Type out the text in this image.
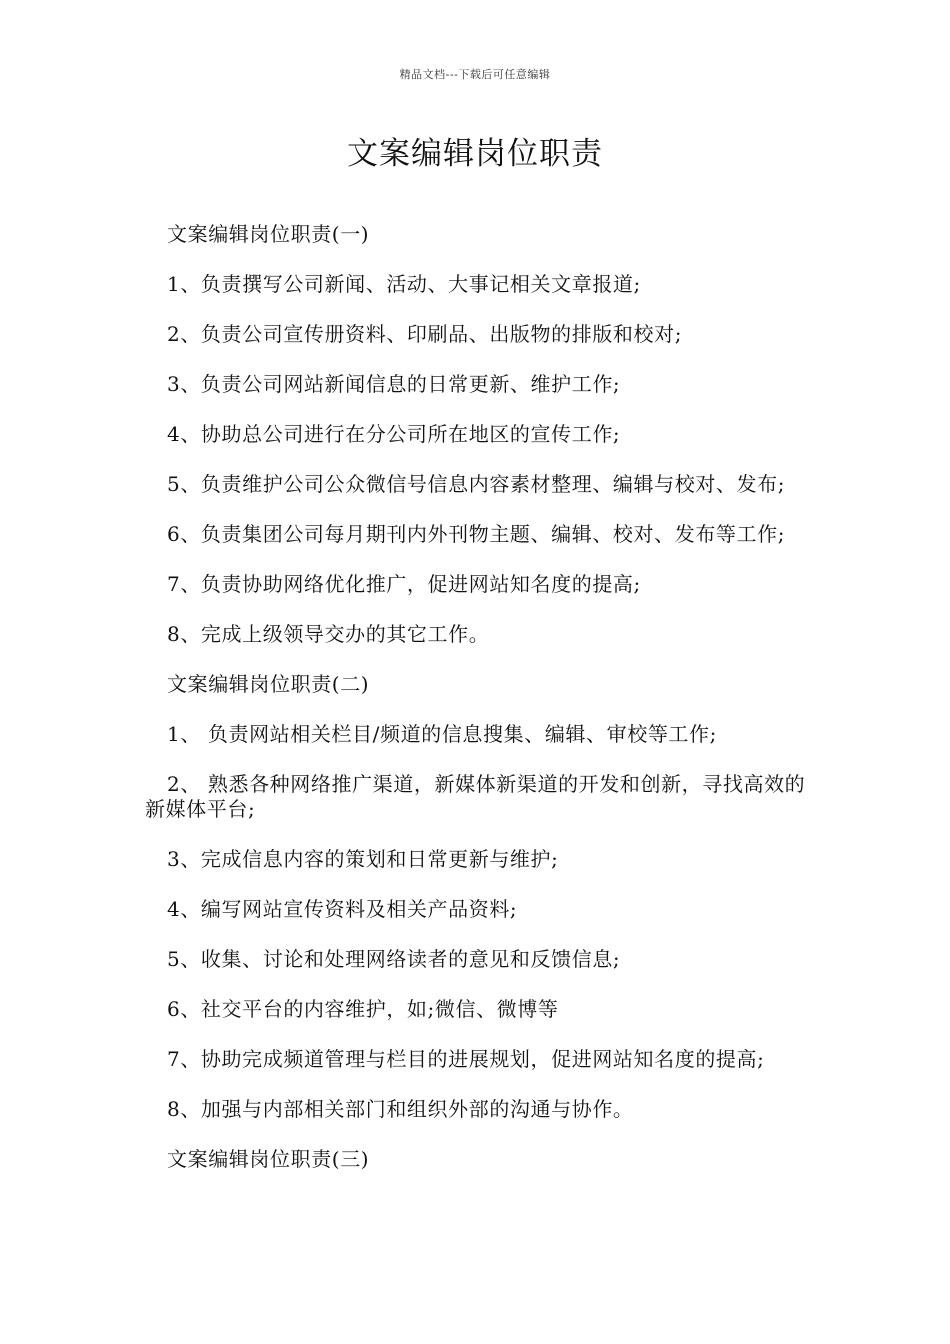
精品文档---下载后可任意编辑
文案编辑岗位职责

文案编辑岗位职责(一)

1、负责撰写公司新闻、活动、大事记相关文章报道;

2、负责公司宣传册资料、印刷品、出版物的排版和校对;

3、负责公司网站新闻信息的日常更新、维护工作;

4、协助总公司进行在分公司所在地区的宣传工作;

5、负责维护公司公众微信号信息内容素材整理、编辑与校对、发布;

6、负责集团公司每月期刊内外刊物主题、编辑、校对、发布等工作;

7、负责协助网络优化推广，促进网站知名度的提高;

8、完成上级领导交办的其它工作。

文案编辑岗位职责(二)

1、 负责网站相关栏目/频道的信息搜集、编辑、审校等工作;

2、 熟悉各种网络推广渠道，新媒体新渠道的开发和创新，寻找高效的新媒体平台;

3、完成信息内容的策划和日常更新与维护;

4、编写网站宣传资料及相关产品资料;

5、收集、讨论和处理网络读者的意见和反馈信息;

6、社交平台的内容维护，如;微信、微博等

7、协助完成频道管理与栏目的进展规划，促进网站知名度的提高;

8、加强与内部相关部门和组织外部的沟通与协作。

文案编辑岗位职责(三)
